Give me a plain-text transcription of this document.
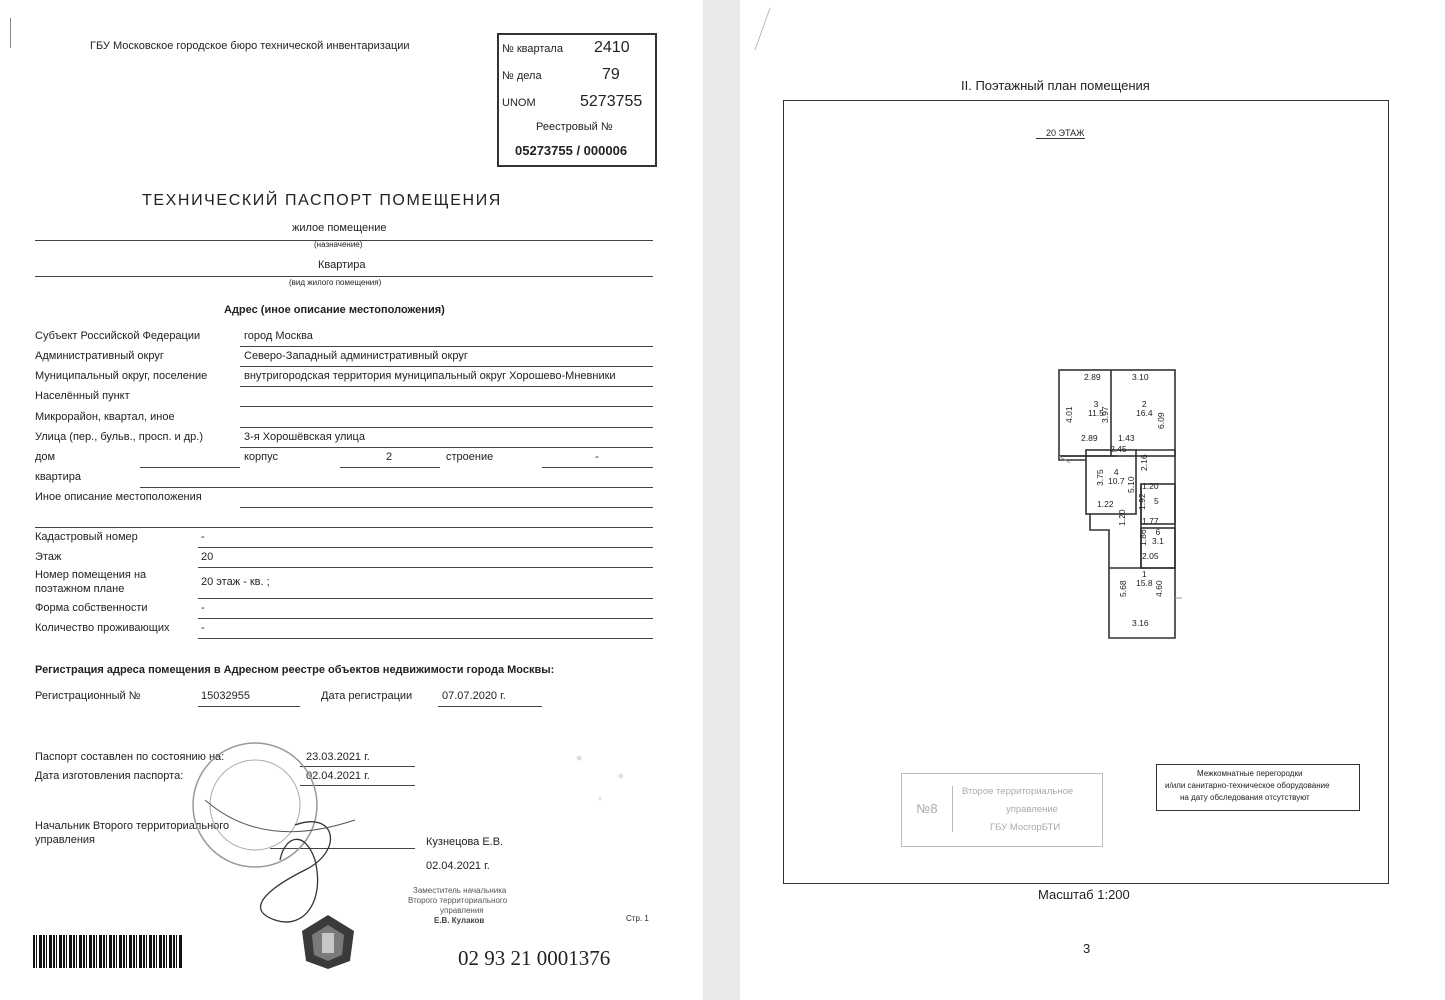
ГБУ Московское городское бюро технической инвентаризации	№ квартала 2410
№ дела	79
UNOM	5273755
Реестровый №
05273755 / 000006
ТЕХНИЧЕСКИЙ ПАСПОРТ ПОМЕЩЕНИЯ
жилое помещение
(назначение)
Квартира
(вид жилого помещения)
Адрес (иное описание местоположения)
Субъект Российской Федерации	город Москва
Административный округ	Северо-Западный административный округ
Муниципальный округ, поселение	внутригородская территория муниципальный округ Хорошево-Мневники
Населённый пункт
Микрорайон, квартал, иное
Улица (пер., бульв., просп. и др.)	3-я Хорошёвская улица
дом	корпус	2	строение	-
квартира
Иное описание местоположения
Кадастровый номер	-
Этаж	20
Номер помещения на
поэтажном плане
20 этаж - кв. ;
Форма собственности	-
Количество проживающих	-
Регистрация адреса помещения в Адресном реестре объектов недвижимости города Москвы:
Регистрационный №	15032955	Дата регистрации	07.07.2020 г.
Паспорт составлен по состоянию на:	23.03.2021 г.
Дата изготовления паспорта:	02.04.2021 г.
Начальник Второго территориального
управления	Кузнецова Е.В.
02.04.2021 г.
Заместитель начальника
Второго территориального
управления
Е.В. Кулаков	Стр. 1
02 93 21 0001376
II. Поэтажный план помещения
20 ЭТАЖ
2.89	3.10
4.01	3.97	6.09
2.89 1.43
2.45
2.16
3.75 5.10 1.20
1.92
1.22
1.20 1.77
1.86
2.05
5.68	4.60
3.16
3
11.5
2
16.4
4
10.7
5
6
3.1
1
15.8
№8
Второе территориальное
управление
ГБУ МосгорБТИ
Межкомнатные перегородки
и/или санитарно-техническое оборудование
на дату обследования отсутствуют
Масштаб 1:200
3
